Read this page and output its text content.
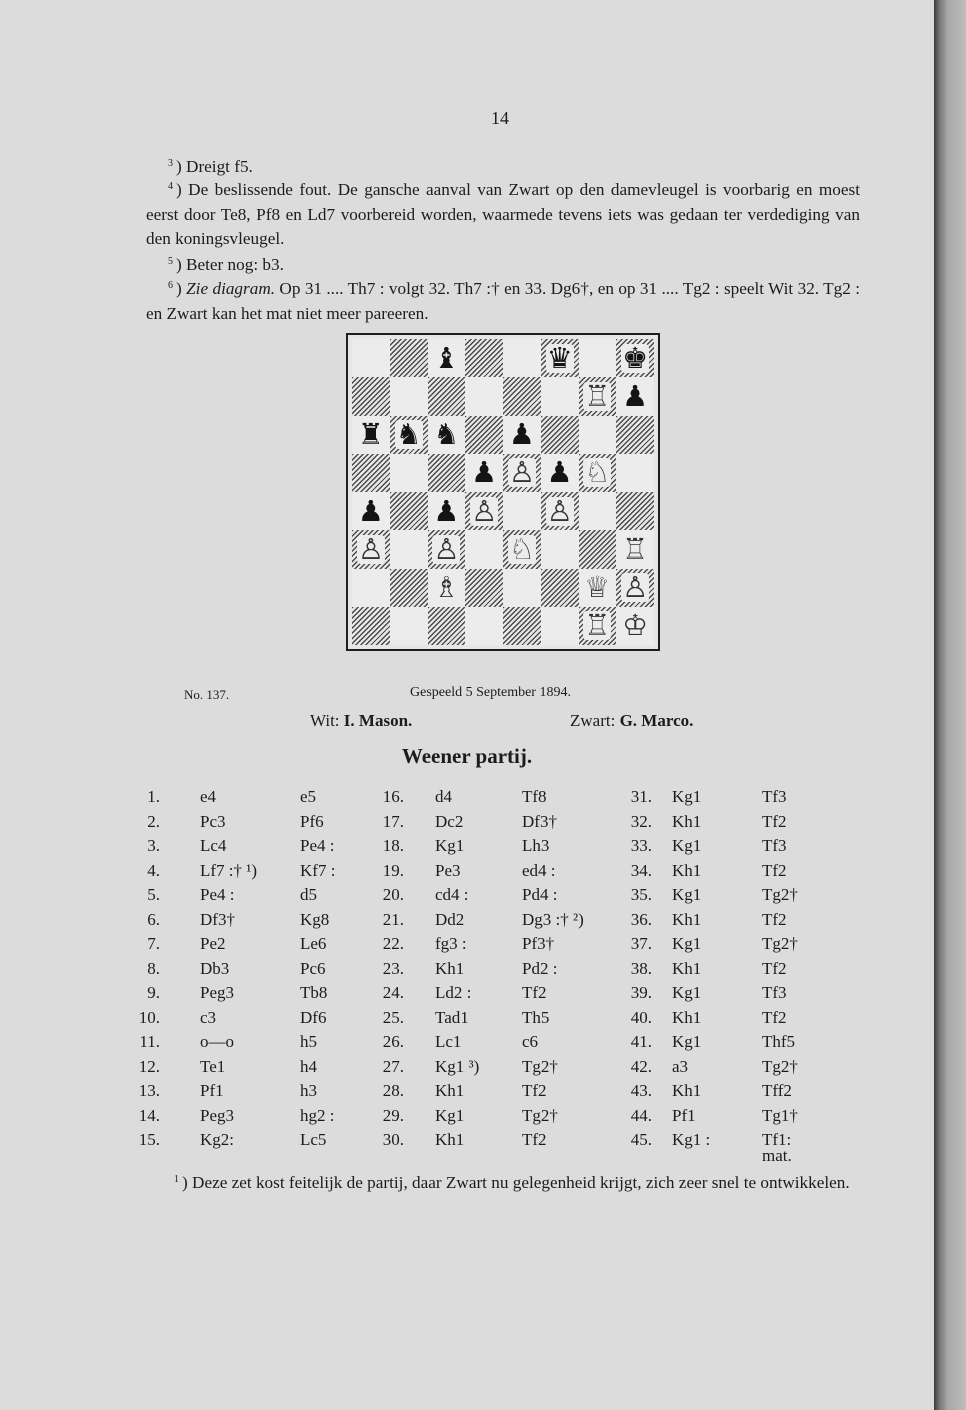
14
$^3$ ) Dreigt f5.
$^4$ ) De beslissende fout. De gansche aanval van Zwart op den damevleugel is voorbarig en moest eerst door Te8, Pf8 en Ld7 voorbereid worden, waarmede tevens iets was gedaan ter verdediging van den koningsvleugel.
$^5$ ) Beter nog: b3.
$^6$ ) Zie diagram. Op 31 .... Th7 : volgt 32. Th7 :† en 33. Dg6†, en op 31 .... Tg2 : speelt Wit 32. Tg2 : en Zwart kan het mat niet meer pareeren.
♝	♛ ♚
♖ ♟
♜ ♞ ♞ ♟
♟ ♙ ♟ ♘
♟ ♟ ♙ ♙
♙ ♙ ♘	♖
♗	♕ ♙
♖ ♔
No. 137.	Gespeeld 5 September 1894.
Wit: I. Mason.	Zwart: G. Marco.
Weener partij.
1. e4	e5
2. Pc3	Pf6
3. Lc4	Pe4 :
4. Lf7 :† ¹)	Kf7 :
5. Pe4 :	d5
6. Df3†	Kg8
7. Pe2	Le6
8. Db3	Pc6
9. Peg3	Tb8
10. c3	Df6
11. o—o	h5
12. Te1	h4
13. Pf1	h3
14. Peg3	hg2 :
15. Kg2:	Lc5
16. d4	Tf8
17. Dc2	Df3†
18. Kg1	Lh3
19. Pe3	ed4 :
20. cd4 :	Pd4 :
21. Dd2	Dg3 :† ²)
22. fg3 :	Pf3†
23. Kh1	Pd2 :
24. Ld2 :	Tf2
25. Tad1	Th5
26. Lc1	c6
27. Kg1 ³)	Tg2†
28. Kh1	Tf2
29. Kg1	Tg2†
30. Kh1	Tf2
31. Kg1	Tf3
32. Kh1	Tf2
33. Kg1	Tf3
34. Kh1	Tf2
35. Kg1	Tg2†
36. Kh1	Tf2
37. Kg1	Tg2†
38. Kh1	Tf2
39. Kg1	Tf3
40. Kh1	Tf2
41. Kg1	Thf5
42. a3	Tg2†
43. Kh1	Tff2
44. Pf1	Tg1†
45. Kg1 :	Tf1:
mat.
$^1$ ) Deze zet kost feitelijk de partij, daar Zwart nu gelegenheid krijgt, zich zeer snel te ontwikkelen.
